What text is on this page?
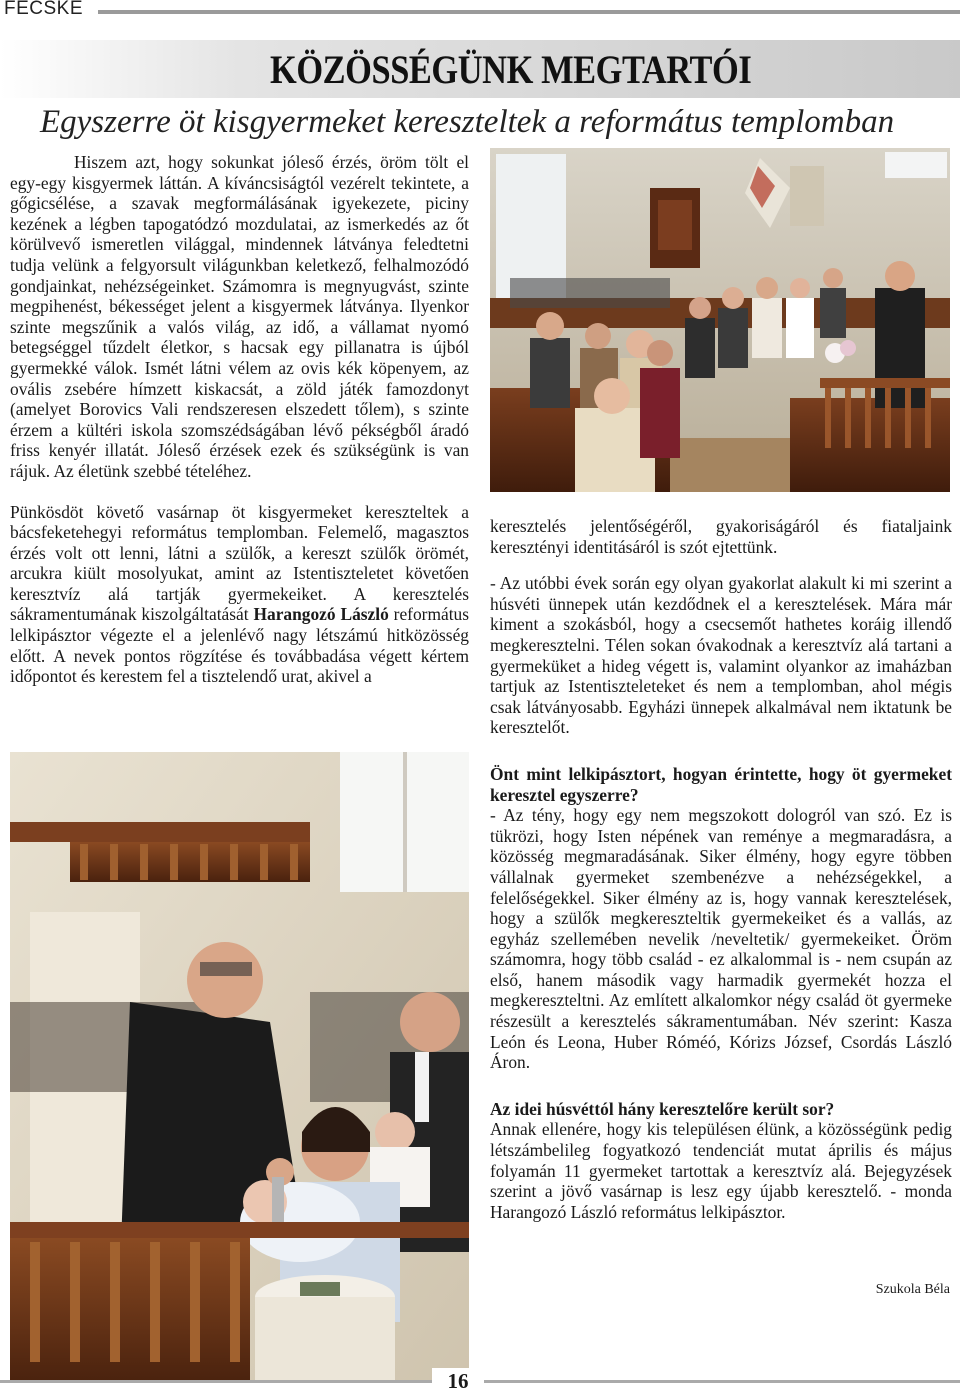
FECSKE
KÖZÖSSÉGÜNK MEGTARTÓI
Egyszerre öt kisgyermeket kereszteltek a református templomban

Hiszem azt, hogy sokunkat jóleső érzés, öröm tölt el egy-egy kisgyermek láttán. A kíváncsiságtól vezérelt tekintete, a gőgicsélése, a szavak megformálásának igyekezete, piciny kezének a légben tapogatódzó mozdulatai, az ismerkedés az őt körülvevő ismeretlen világgal, mindennek látványa feledtetni tudja velünk a felgyorsult világunkban keletkező, felhalmozódó gondjainkat, nehézségeinket. Számomra is megnyugvást, szinte megpihenést, békességet jelent a kisgyermek látványa. Ilyenkor szinte megszűnik a valós világ, az idő, a vállamat nyomó betegséggel tűzdelt életkor, s hacsak egy pillanatra is újból gyermekké válok. Ismét látni vélem az ovis kék köpenyem, az ovális zsebére hímzett kiskacsát, a zöld játék famozdonyt (amelyet Borovics Vali rendszeresen elszedett tőlem), s szinte érzem a kültéri iskola szomszédságában lévő pékségből áradó friss kenyér illatát. Jóleső érzések ezek és szükségünk is van rájuk. Az életünk szebbé tételéhez.

Pünkösdöt követő vasárnap öt kisgyermeket kereszteltek a bácsfeketehegyi református templomban. Felemelő, magasztos érzés volt ott lenni, látni a szülők, a kereszt szülők örömét, arcukra kiült mosolyukat, amint az Istentiszteletet követően keresztvíz alá tartják gyermekeiket. A keresztelés sákramentumának kiszolgáltatását Harangozó László református lelkipásztor végezte el a jelenlévő nagy létszámú hitközösség előtt. A nevek pontos rögzítése és továbbadása végett kértem időpontot és kerestem fel a tisztelendő urat, akivel a

keresztelés jelentőségéről, gyakoriságáról és fiataljaink keresztényi identitásáról is szót ejtettünk.

- Az utóbbi évek során egy olyan gyakorlat alakult ki mi szerint a húsvéti ünnepek után kezdődnek el a keresztelések. Mára már kiment a szokásból, hogy a csecsemőt hathetes koráig illendő megkeresztelni. Télen sokan óvakodnak a keresztvíz alá tartani a gyermeküket a hideg végett is, valamint olyankor az imaházban tartjuk az Istentiszteleteket és nem a templomban, ahol mégis csak látványosabb. Egyházi ünnepek alkalmával nem iktatunk be keresztelőt.

Önt mint lelkipásztort, hogyan érintette, hogy öt gyermeket keresztel egyszerre?

- Az tény, hogy egy nem megszokott dologról van szó. Ez is tükrözi, hogy Isten népének van reménye a megmaradásra, a közösség megmaradásának. Siker élmény, hogy egyre többen vállalnak gyermeket szembenézve a nehézségekkel, a felelőségekkel. Siker élmény az is, hogy vannak keresztelések, hogy a szülők megkereszteltik gyermekeiket és a vallás, az egyház szellemében nevelik /neveltetik/ gyermekeiket. Öröm számomra, hogy több család - ez alkalommal is - nem csupán az első, hanem második vagy harmadik gyermekét hozza el megkereszteltni. Az említett alkalomkor négy család öt gyermeke részesült a keresztelés sákramentumában. Név szerint: Kasza León és Leona, Huber Róméó, Kórizs József, Csordás László Áron.

Az idei húsvéttól hány keresztelőre került sor?

Annak ellenére, hogy kis településen élünk, a közösségünk pedig létszámbelileg fogyatkozó tendenciát mutat április és május folyamán 11 gyermeket tartottak a keresztvíz alá. Bejegyzések szerint a jövő vasárnap is lesz egy újabb keresztelő. - monda Harangozó László református lelkipásztor.

Szukola Béla
16
